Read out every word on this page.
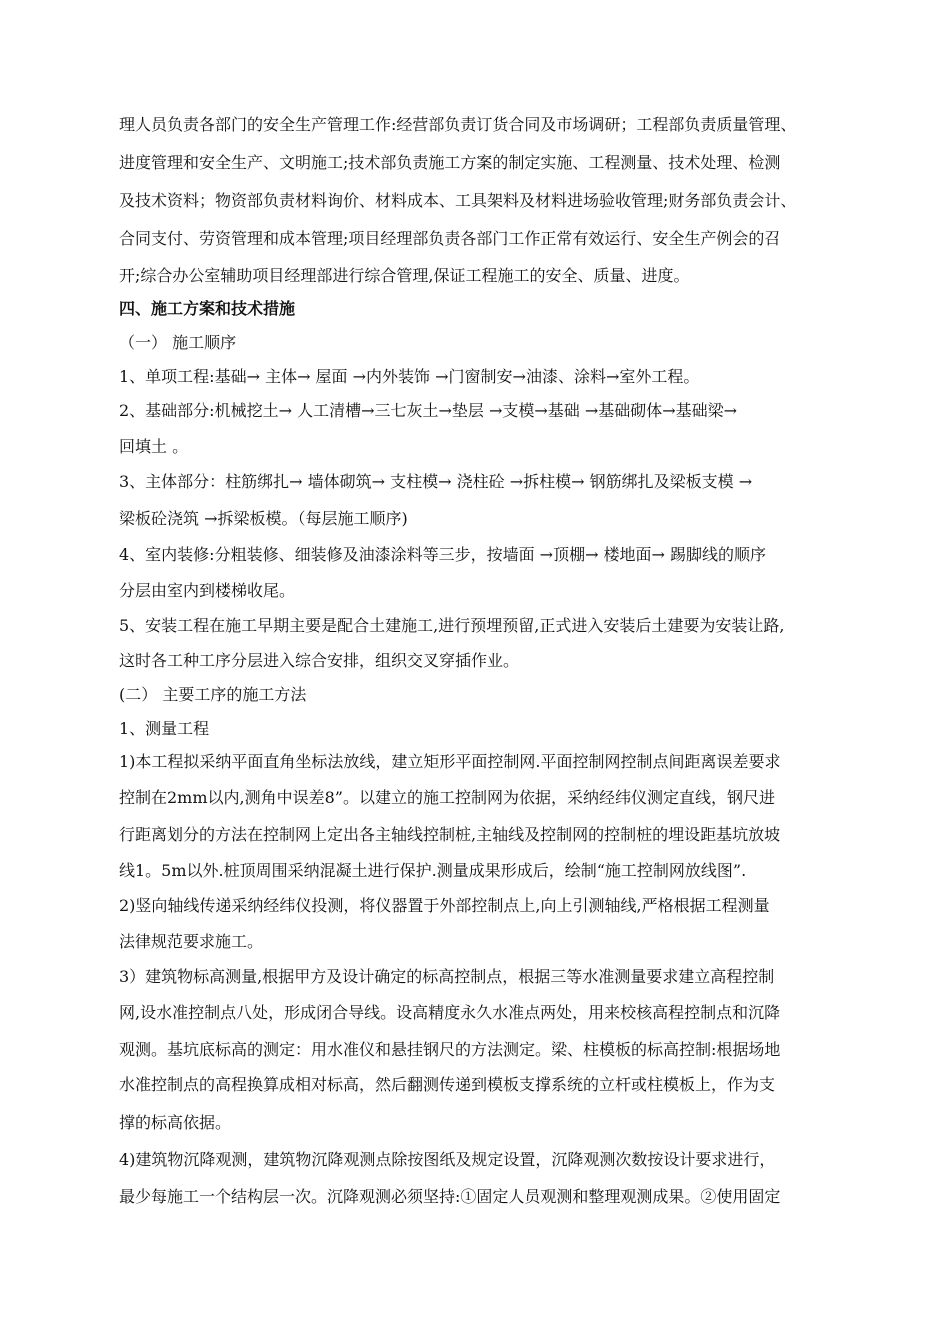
理人员负责各部门的安全生产管理工作:经营部负责订货合同及市场调研；工程部负责质量管理、
进度管理和安全生产、文明施工;技术部负责施工方案的制定实施、工程测量、技术处理、检测
及技术资料；物资部负责材料询价、材料成本、工具架料及材料进场验收管理;财务部负责会计、
合同支付、劳资管理和成本管理;项目经理部负责各部门工作正常有效运行、安全生产例会的召
开;综合办公室辅助项目经理部进行综合管理,保证工程施工的安全、质量、进度。
四、施工方案和技术措施
（一） 施工顺序
1、单项工程:基础→ 主体→ 屋面 →内外装饰 →门窗制安→油漆、涂料→室外工程。
2、基础部分:机械挖土→ 人工清槽→三七灰土→垫层 →支模→基础 →基础砌体→基础梁→
回填土 。
3、主体部分：柱筋绑扎→ 墙体砌筑→ 支柱模→ 浇柱砼 →拆柱模→ 钢筋绑扎及梁板支模 →
梁板砼浇筑 →拆梁板模。（每层施工顺序)
4、室内装修:分粗装修、细装修及油漆涂料等三步，按墙面 →顶棚→ 楼地面→ 踢脚线的顺序
分层由室内到楼梯收尾。
5、安装工程在施工早期主要是配合土建施工,进行预埋预留,正式进入安装后土建要为安装让路,
这时各工种工序分层进入综合安排，组织交叉穿插作业。
(二） 主要工序的施工方法
1、测量工程
1)本工程拟采纳平面直角坐标法放线，建立矩形平面控制网.平面控制网控制点间距离误差要求
控制在2mm以内,测角中误差8”。以建立的施工控制网为依据，采纳经纬仪测定直线，钢尺进
行距离划分的方法在控制网上定出各主轴线控制桩,主轴线及控制网的控制桩的埋设距基坑放坡
线1。5m以外.桩顶周围采纳混凝土进行保护.测量成果形成后，绘制“施工控制网放线图”.
2)竖向轴线传递采纳经纬仪投测，将仪器置于外部控制点上,向上引测轴线,严格根据工程测量
法律规范要求施工。
3）建筑物标高测量,根据甲方及设计确定的标高控制点，根据三等水准测量要求建立高程控制
网,设水准控制点八处，形成闭合导线。设高精度永久水准点两处，用来校核高程控制点和沉降
观测。基坑底标高的测定：用水准仪和悬挂钢尺的方法测定。梁、柱模板的标高控制:根据场地
水准控制点的高程换算成相对标高，然后翻测传递到模板支撑系统的立杆或柱模板上，作为支
撑的标高依据。
4)建筑物沉降观测，建筑物沉降观测点除按图纸及规定设置，沉降观测次数按设计要求进行，
最少每施工一个结构层一次。沉降观测必须坚持:①固定人员观测和整理观测成果。②使用固定
